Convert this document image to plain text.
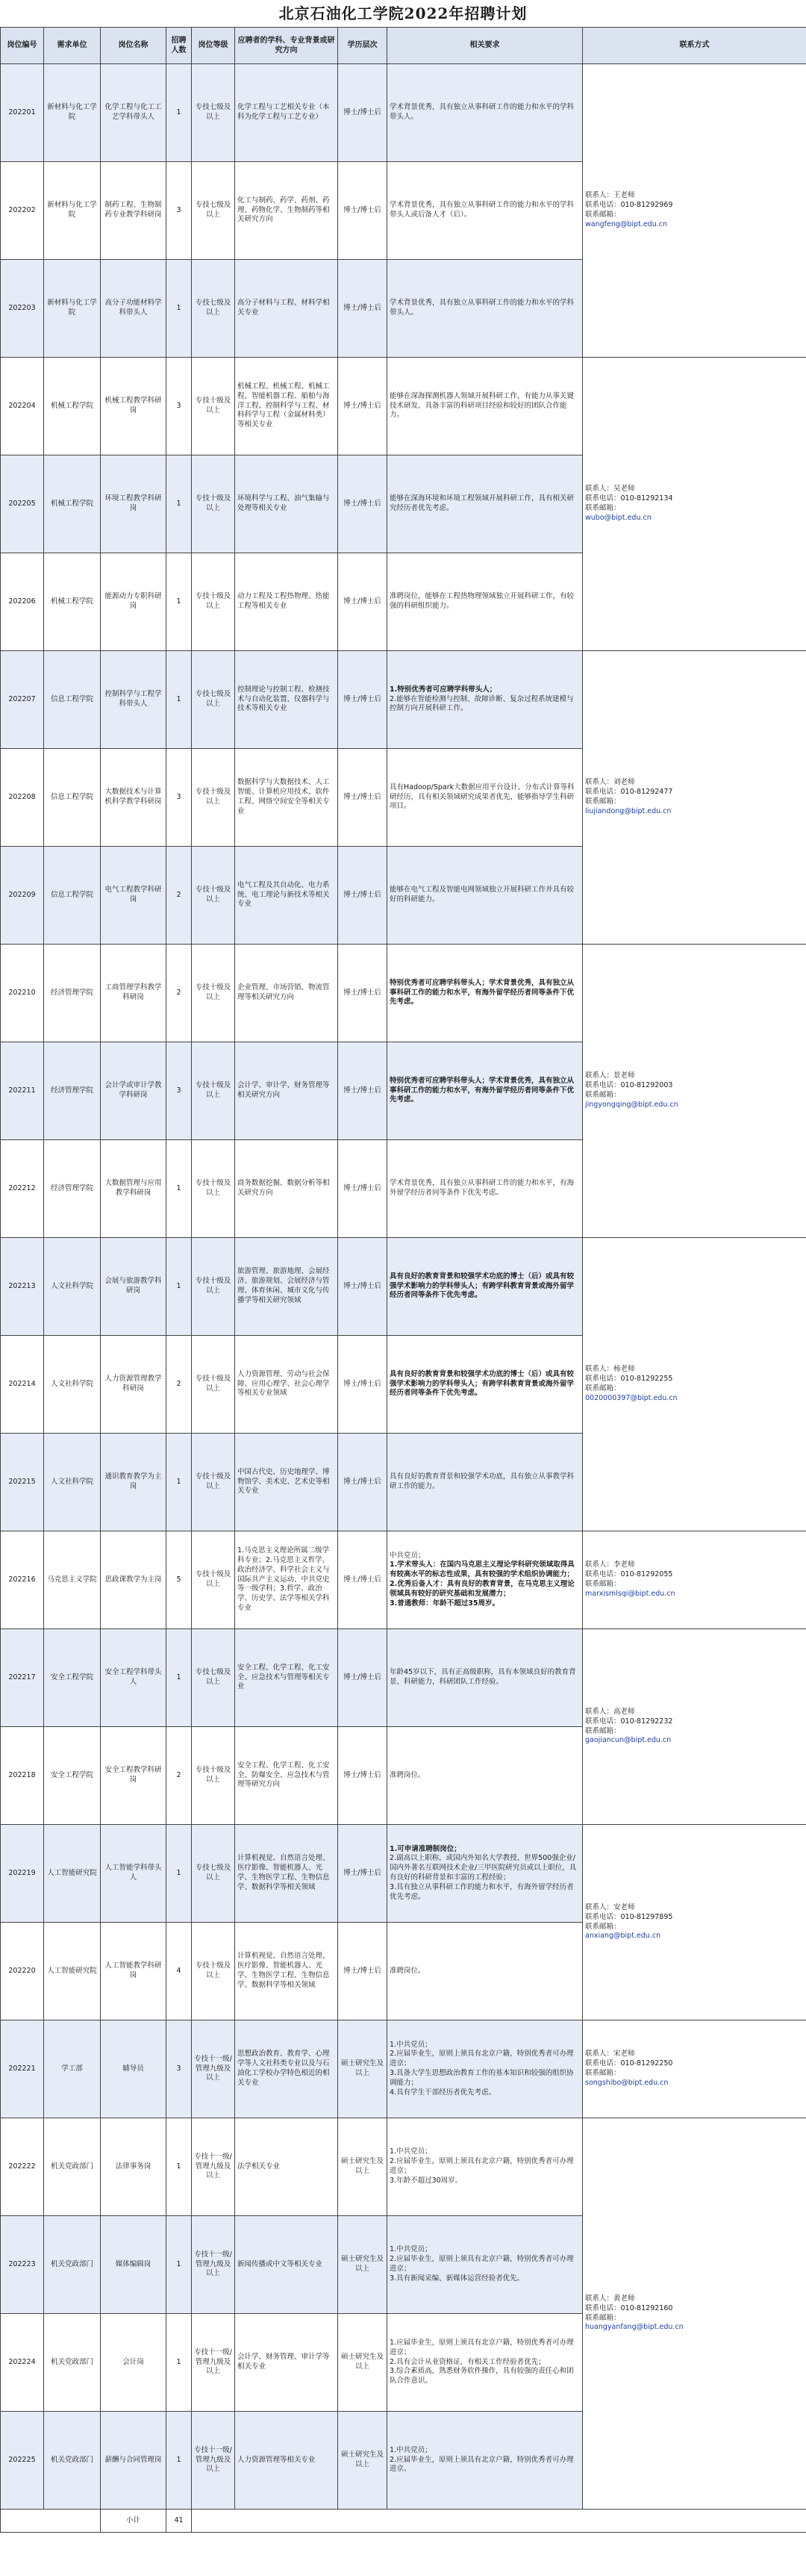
北京石油化工学院2022年招聘计划
岗位编号	需求单位	岗位名称	招聘人数	岗位等级	应聘者的学科、专业背景或研究方向	学历层次	相关要求	联系方式
202201	新材料与化工学院	化学工程与化工工艺学科带头人	1	专技七级及以上	化学工程与工艺相关专业（本科为化学工程与工艺专业）	博士/博士后	学术背景优秀，具有独立从事科研工作的能力和水平的学科带头人。	联系人：王老师
联系电话：010-81292969
联系邮箱：
wangfeng@bipt.edu.cn

202202	新材料与化工学院	制药工程、生物制药专业教学科研岗	3	专技七级及以上	化工与制药、药学、药剂、药理、药物化学、生物制药等相关研究方向	博士/博士后	学术背景优秀，具有独立从事科研工作的能力和水平的学科带头人或后备人才（后）。	

202203	新材料与化工学院	高分子功能材料学科带头人	1	专技七级及以上	高分子材料与工程、材料学相关专业	博士/博士后	学术背景优秀，具有独立从事科研工作的能力和水平的学科带头人。	

202204	机械工程学院	机械工程教学科研岗	3	专技十级及以上	机械工程、机械工程、机械工程、智能机器工程、船舶与海洋工程、控制科学与工程、材料科学与工程（金属材料类）等相关专业	博士/博士后	能够在深海探测机器人领域开展科研工作，有能力从事关键技术研发、具备丰富的科研项目经验和较好的团队合作能力。	联系人：吴老师
联系电话：010-81292134
联系邮箱：
wubo@bipt.edu.cn

202205	机械工程学院	环境工程教学科研岗	1	专技十级及以上	环境科学与工程、油气集输与处理等相关专业	博士/博士后	能够在深海环境和环境工程领域开展科研工作，具有相关研究经历者优先考虑。	

202206	机械工程学院	能源动力专职科研岗	1	专技十级及以上	动力工程及工程热物理、热能工程等相关专业	博士/博士后	准聘岗位，能够在工程热物理领域独立开展科研工作，有较强的科研组织能力。	

202207	信息工程学院	控制科学与工程学科带头人	1	专技七级及以上	控制理论与控制工程、检测技术与自动化装置、仪器科学与技术等相关专业	博士/博士后	1.特别优秀者可应聘学科带头人；
2.能够在智能检测与控制、故障诊断、复杂过程系统建模与控制方向开展科研工作。	联系人：刘老师
联系电话：010-81292477
联系邮箱：
liujiandong@bipt.edu.cn

202208	信息工程学院	大数据技术与计算机科学教学科研岗	3	专技十级及以上	数据科学与大数据技术、人工智能、计算机应用技术、软件工程、网络空间安全等相关专业	博士/博士后	具有Hadoop/Spark大数据应用平台设计、分布式计算等科研经历，具有相关领域研究成果者优先，能够指导学生科研项目。	

202209	信息工程学院	电气工程教学科研岗	2	专技十级及以上	电气工程及其自动化、电力系统、电工理论与新技术等相关专业	博士/博士后	能够在电气工程及智能电网领域独立开展科研工作并具有较好的科研能力。	

202210	经济管理学院	工商管理学科教学科研岗	2	专技十级及以上	企业管理、市场营销、物流管理等相关研究方向	博士/博士后	特别优秀者可应聘学科带头人；学术背景优秀，具有独立从事科研工作的能力和水平，有海外留学经历者同等条件下优先考虑。	联系人：景老师
联系电话：010-81292003
联系邮箱：
jingyongqing@bipt.edu.cn

202211	经济管理学院	会计学或审计学教学科研岗	3	专技十级及以上	会计学、审计学、财务管理等相关研究方向	博士/博士后	特别优秀者可应聘学科带头人；学术背景优秀，具有独立从事科研工作的能力和水平，有海外留学经历者同等条件下优先考虑。	

202212	经济管理学院	大数据管理与应用教学科研岗	1	专技十级及以上	商务数据挖掘、数据分析等相关研究方向	博士/博士后	学术背景优秀，具有独立从事科研工作的能力和水平，有海外留学经历者同等条件下优先考虑。	

202213	人文社科学院	会展与旅游教学科研岗	1	专技十级及以上	旅游管理、旅游地理、会展经济、旅游规划、会展经济与管理、体育休闲、城市文化与传播学等相关研究领域	博士/博士后	具有良好的教育背景和较强学术功底的博士（后）或具有较强学术影响力的学科带头人；有跨学科教育背景或海外留学经历者同等条件下优先考虑。	联系人：杨老师
联系电话：010-81292255
联系邮箱：
0020000397@bipt.edu.cn

202214	人文社科学院	人力资源管理教学科研岗	2	专技十级及以上	人力资源管理、劳动与社会保障、应用心理学、社会心理学等相关专业领域	博士/博士后	具有良好的教育背景和较强学术功底的博士（后）或具有较强学术影响力的学科带头人；有跨学科教育背景或海外留学经历者同等条件下优先考虑。	

202215	人文社科学院	通识教育教学为主岗	1	专技十级及以上	中国古代史、历史地理学、博物馆学、美术史、艺术史等相关专业	博士/博士后	具有良好的教育背景和较强学术功底，具有独立从事教学科研工作的能力。	

202216	马克思主义学院	思政课教学为主岗	5	专技十级及以上	1.马克思主义理论所属二级学科专业；2.马克思主义哲学、政治经济学、科学社会主义与国际共产主义运动、中共党史等一级学科；3.哲学、政治学、历史学、法学等相关学科专业	博士/博士后	中共党员；
1.学术带头人：在国内马克思主义理论学科研究领域取得具有较高水平的标志性成果，具有较强的学术组织协调能力；
2.优秀后备人才：具有良好的教育背景，在马克思主义理论领域具有较好的研究基础和发展潜力；
3.普通教师：年龄不超过35周岁。	联系人：李老师
联系电话：010-81292055
联系邮箱：
marxismlsqi@bipt.edu.cn

202217	安全工程学院	安全工程学科带头人	1	专技七级及以上	安全工程、化学工程、化工安全、应急技术与管理等相关专业	博士/博士后	年龄45岁以下，具有正高级职称，具有本领域良好的教育背景、科研能力，科研团队工作经验。	联系人：高老师
联系电话：010-81292232
联系邮箱：
gaojiancun@bipt.edu.cn

202218	安全工程学院	安全工程教学科研岗	2	专技十级及以上	安全工程、化学工程、化工安全、防爆安全、应急技术与管理等研究方向	博士/博士后	准聘岗位。	

202219	人工智能研究院	人工智能学科带头人	1	专技七级及以上	计算机视觉、自然语言处理、医疗影像、智能机器人、光学、生物医学工程、生物信息学、数据科学等相关领域	博士/博士后	1.可申请准聘制岗位；
2.副高以上职称，或国内外知名大学教授、世界500强企业/国内外著名互联网技术企业/三甲医院研究员或以上职位，具有良好的科研背景和丰富的工程经验；
3.具有独立从事科研工作的能力和水平，有海外留学经历者优先考虑。	联系人：安老师
联系电话：010-81297895
联系邮箱：
anxiang@bipt.edu.cn

202220	人工智能研究院	人工智能教学科研岗	4	专技十级及以上	计算机视觉、自然语言处理、医疗影像、智能机器人、光学、生物医学工程、生物信息学、数据科学等相关领域	博士/博士后	准聘岗位。	

202221	学工部	辅导员	3	专技十一级/管理九级及以上	思想政治教育、教育学、心理学等人文社科类专业以及与石油化工学校办学特色相近的相关专业	硕士研究生及以上	1.中共党员；
2.应届毕业生，原则上须具有北京户籍，特别优秀者可办理进京；
3.具备大学生思想政治教育工作的基本知识和较强的组织协调能力；
4.具有学生干部经历者优先考虑。	联系人：宋老师
联系电话：010-81292250
联系邮箱：
songshibo@bipt.edu.cn

202222	机关党政部门	法律事务岗	1	专技十一级/管理九级及以上	法学相关专业	硕士研究生及以上	1.中共党员；
2.应届毕业生，原则上须具有北京户籍，特别优秀者可办理进京；
3.年龄不超过30周岁。	联系人：黄老师
联系电话：010-81292160
联系邮箱：
huangyanfang@bipt.edu.cn

202223	机关党政部门	媒体编辑岗	1	专技十一级/管理九级及以上	新闻传播或中文等相关专业	硕士研究生及以上	1.中共党员；
2.应届毕业生，原则上须具有北京户籍，特别优秀者可办理进京；
3.具有新闻采编、新媒体运营经验者优先。	

202224	机关党政部门	会计岗	1	专技十一级/管理九级及以上	会计学、财务管理、审计学等相关专业	硕士研究生及以上	1.应届毕业生，原则上须具有北京户籍，特别优秀者可办理进京；
2.具有会计从业资格证，有相关工作经验者优先；
3.综合素质高，熟悉财务软件操作，具有较强的责任心和团队合作意识。	

202225	机关党政部门	薪酬与合同管理岗	1	专技十一级/管理九级及以上	人力资源管理等相关专业	硕士研究生及以上	1.中共党员；
2.应届毕业生，原则上须具有北京户籍，特别优秀者可办理进京。	

		小计	41					
